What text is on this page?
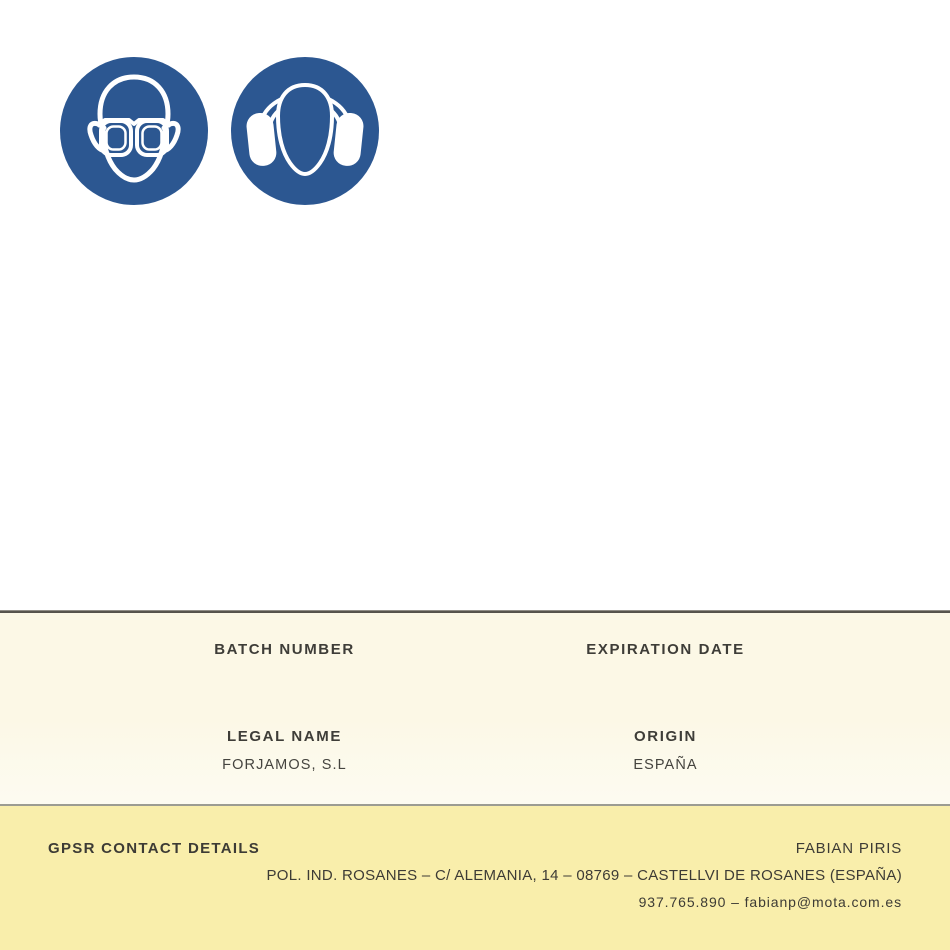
BATCH NUMBER	EXPIRATION DATE
LEGAL NAME	ORIGIN
FORJAMOS, S.L	ESPAÑA
GPSR CONTACT DETAILS	FABIAN PIRIS
POL. IND. ROSANES – C/ ALEMANIA, 14 – 08769 – CASTELLVI DE ROSANES (ESPAÑA)
937.765.890 – fabianp@mota.com.es
